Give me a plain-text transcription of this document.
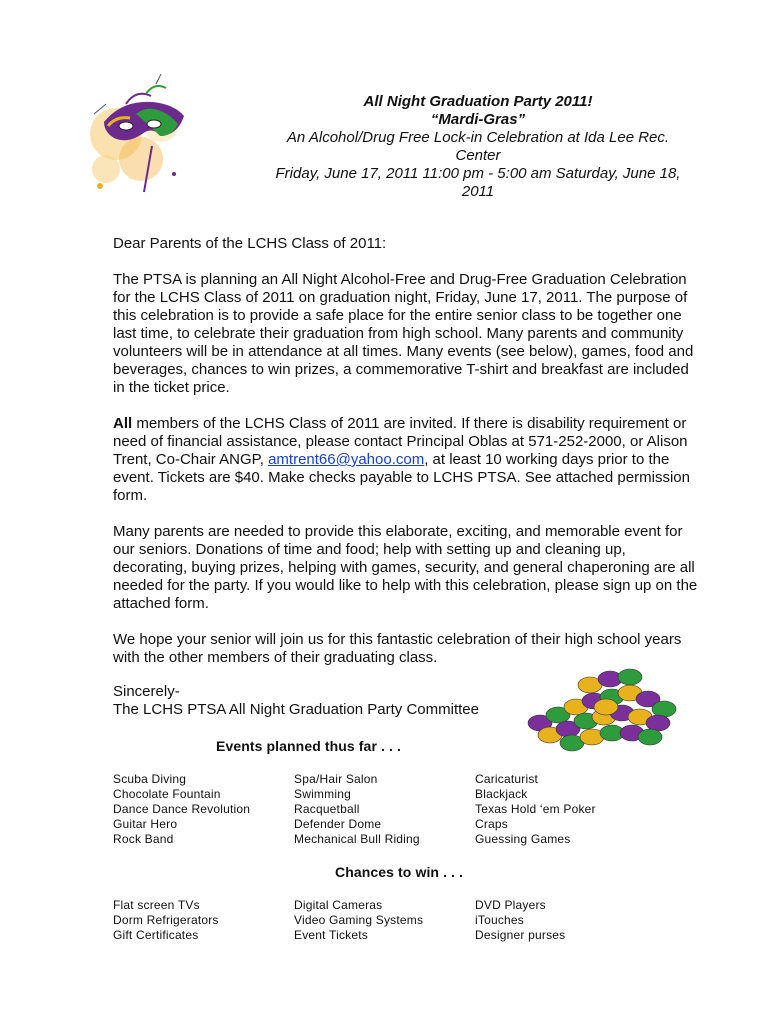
All Night Graduation Party 2011!
“Mardi-Gras”
An Alcohol/Drug Free Lock-in Celebration at Ida Lee Rec.
Center
Friday, June 17, 2011 11:00 pm - 5:00 am Saturday, June 18,
2011

Dear Parents of the LCHS Class of 2011:

The PTSA is planning an All Night Alcohol-Free and Drug-Free Graduation Celebration for the LCHS Class of 2011 on graduation night, Friday, June 17, 2011. The purpose of this celebration is to provide a safe place for the entire senior class to be together one last time, to celebrate their graduation from high school. Many parents and community volunteers will be in attendance at all times. Many events (see below), games, food and beverages, chances to win prizes, a commemorative T-shirt and breakfast are included in the ticket price.

All members of the LCHS Class of 2011 are invited. If there is disability requirement or need of financial assistance, please contact Principal Oblas at 571-252-2000, or Alison Trent, Co-Chair ANGP, amtrent66@yahoo.com, at least 10 working days prior to the event. Tickets are $40. Make checks payable to LCHS PTSA. See attached permission form.

Many parents are needed to provide this elaborate, exciting, and memorable event for our seniors. Donations of time and food; help with setting up and cleaning up, decorating, buying prizes, helping with games, security, and general chaperoning are all needed for the party. If you would like to help with this celebration, please sign up on the attached form.

We hope your senior will join us for this fantastic celebration of their high school years with the other members of their graduating class.

Sincerely-
The LCHS PTSA All Night Graduation Party Committee
Events planned thus far . . .
Scuba Diving
Chocolate Fountain
Dance Dance Revolution
Guitar Hero
Rock Band
Spa/Hair Salon
Swimming
Racquetball
Defender Dome
Mechanical Bull Riding
Caricaturist
Blackjack
Texas Hold ‘em Poker
Craps
Guessing Games
Chances to win . . .
Flat screen TVs
Dorm Refrigerators
Gift Certificates
Digital Cameras
Video Gaming Systems
Event Tickets
DVD Players
iTouches
Designer purses
